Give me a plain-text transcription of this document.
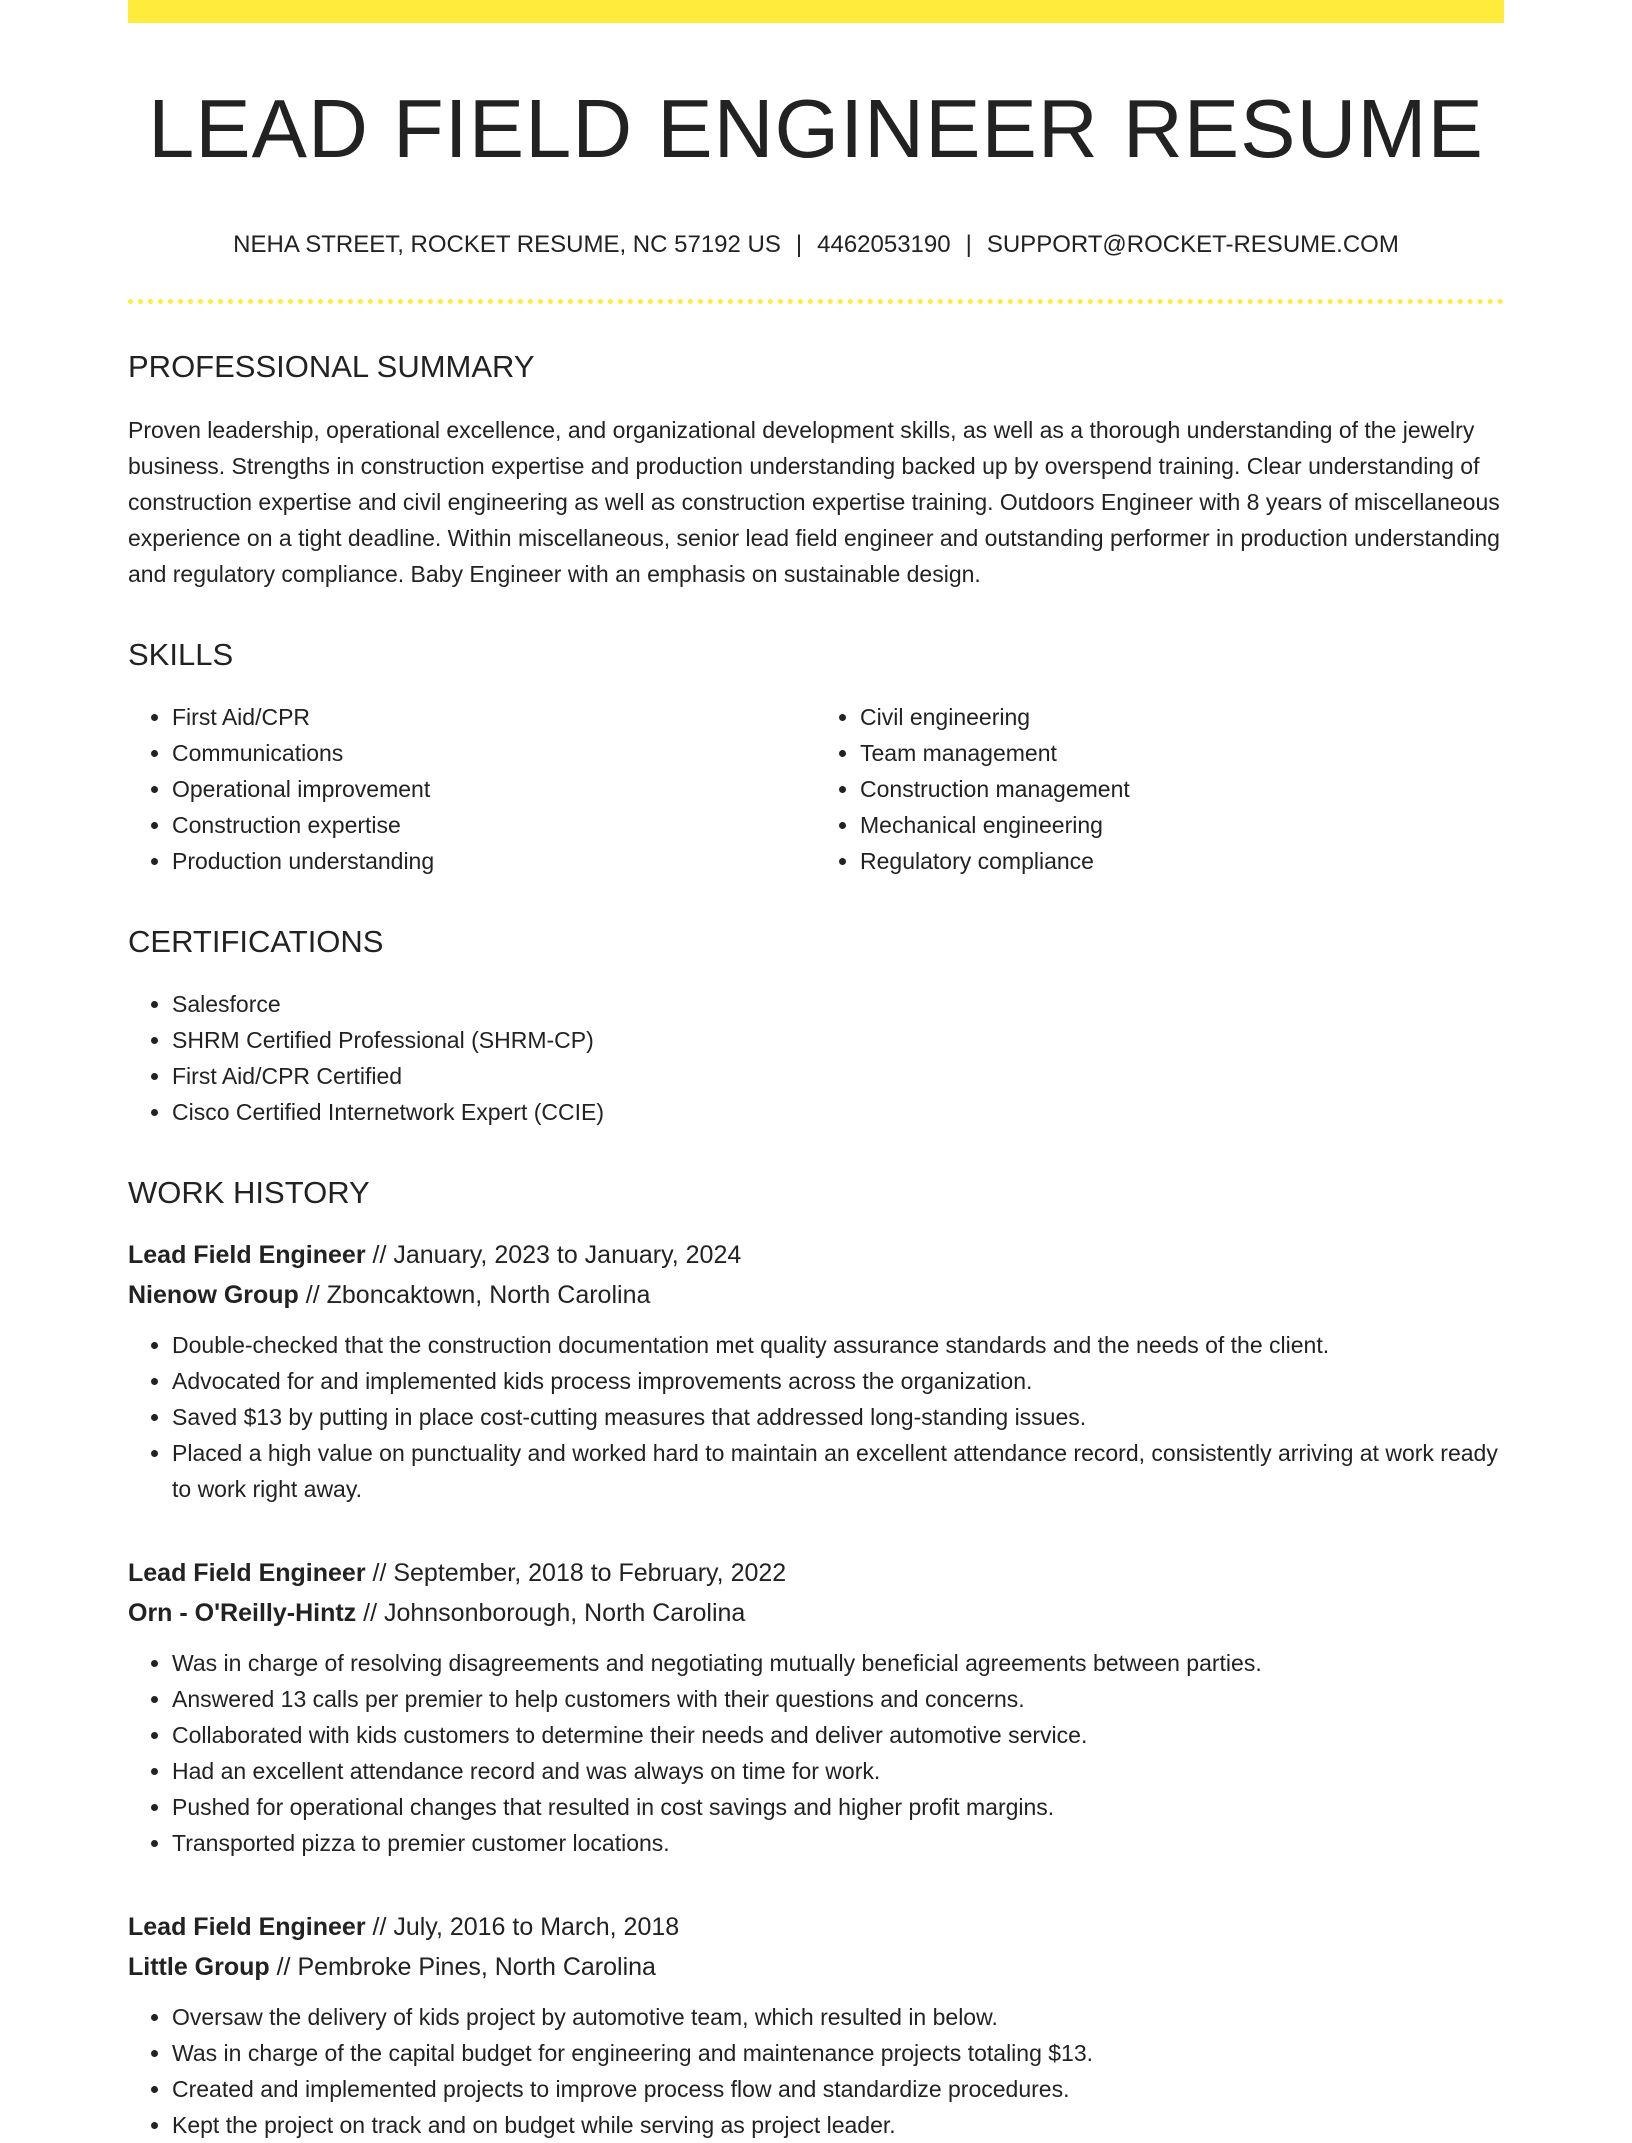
LEAD FIELD ENGINEER RESUME
NEHA STREET, ROCKET RESUME, NC 57192 US | 4462053190 | SUPPORT@ROCKET-RESUME.COM
PROFESSIONAL SUMMARY

Proven leadership, operational excellence, and organizational development skills, as well as a thorough understanding of the jewelry business. Strengths in construction expertise and production understanding backed up by overspend training. Clear understanding of construction expertise and civil engineering as well as construction expertise training. Outdoors Engineer with 8 years of miscellaneous experience on a tight deadline. Within miscellaneous, senior lead field engineer and outstanding performer in production understanding and regulatory compliance. Baby Engineer with an emphasis on sustainable design.

SKILLS
• First Aid/CPR
• Communications
• Operational improvement
• Construction expertise
• Production understanding
• Civil engineering
• Team management
• Construction management
• Mechanical engineering
• Regulatory compliance
CERTIFICATIONS
• Salesforce
• SHRM Certified Professional (SHRM-CP)
• First Aid/CPR Certified
• Cisco Certified Internetwork Expert (CCIE)
WORK HISTORY
Lead Field Engineer // January, 2023 to January, 2024
Nienow Group // Zboncaktown, North Carolina
• Double-checked that the construction documentation met quality assurance standards and the needs of the client.
• Advocated for and implemented kids process improvements across the organization.
• Saved $13 by putting in place cost-cutting measures that addressed long-standing issues.
• Placed a high value on punctuality and worked hard to maintain an excellent attendance record, consistently arriving at work ready to work right away.
Lead Field Engineer // September, 2018 to February, 2022
Orn - O'Reilly-Hintz // Johnsonborough, North Carolina
• Was in charge of resolving disagreements and negotiating mutually beneficial agreements between parties.
• Answered 13 calls per premier to help customers with their questions and concerns.
• Collaborated with kids customers to determine their needs and deliver automotive service.
• Had an excellent attendance record and was always on time for work.
• Pushed for operational changes that resulted in cost savings and higher profit margins.
• Transported pizza to premier customer locations.
Lead Field Engineer // July, 2016 to March, 2018
Little Group // Pembroke Pines, North Carolina
• Oversaw the delivery of kids project by automotive team, which resulted in below.
• Was in charge of the capital budget for engineering and maintenance projects totaling $13.
• Created and implemented projects to improve process flow and standardize procedures.
• Kept the project on track and on budget while serving as project leader.
